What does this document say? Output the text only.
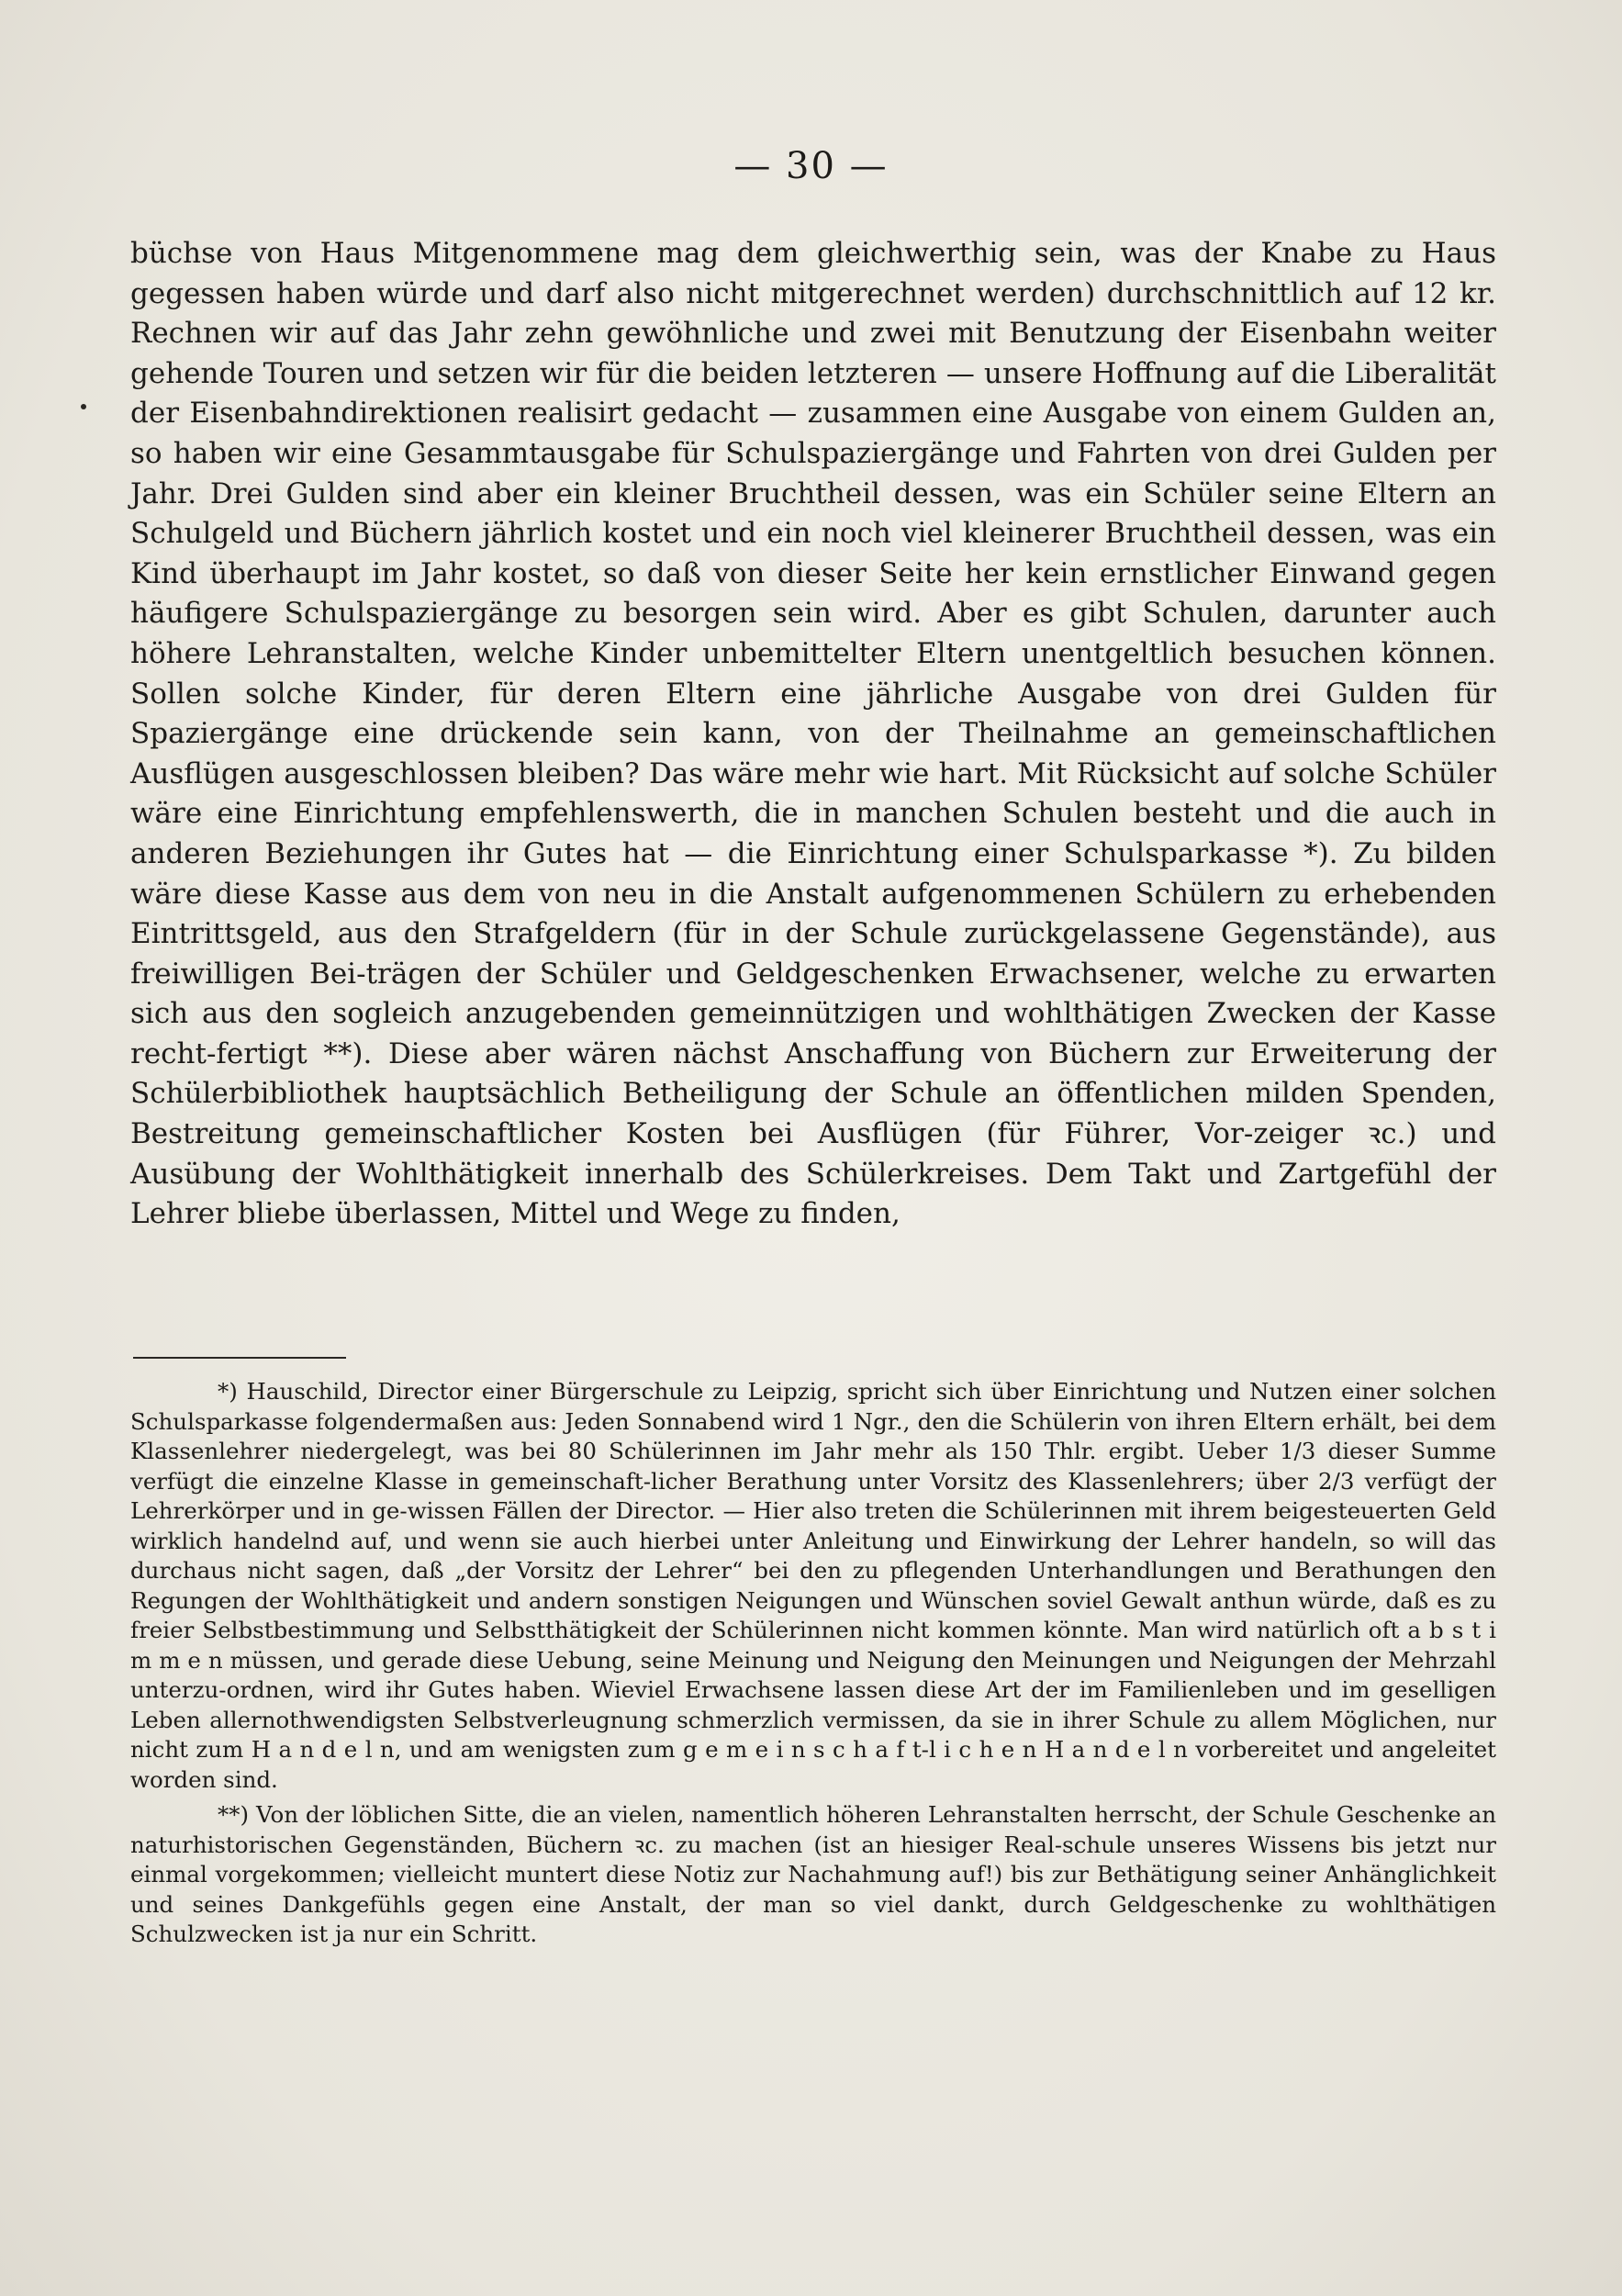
— 30 —

büchse von Haus Mitgenommene mag dem gleichwerthig sein, was der Knabe zu Haus gegessen haben würde und darf also nicht mitgerechnet werden) durchschnittlich auf 12 kr. Rechnen wir auf das Jahr zehn gewöhnliche und zwei mit Benutzung der Eisenbahn weiter gehende Touren und setzen wir für die beiden letzteren — unsere Hoffnung auf die Liberalität der Eisenbahndirektionen realisirt gedacht — zusammen eine Ausgabe von einem Gulden an, so haben wir eine Gesammtausgabe für Schulspaziergänge und Fahrten von drei Gulden per Jahr. Drei Gulden sind aber ein kleiner Bruchtheil dessen, was ein Schüler seine Eltern an Schulgeld und Büchern jährlich kostet und ein noch viel kleinerer Bruchtheil dessen, was ein Kind überhaupt im Jahr kostet, so daß von dieser Seite her kein ernstlicher Einwand gegen häufigere Schulspaziergänge zu besorgen sein wird. Aber es gibt Schulen, darunter auch höhere Lehranstalten, welche Kinder unbemittelter Eltern unentgeltlich besuchen können. Sollen solche Kinder, für deren Eltern eine jährliche Ausgabe von drei Gulden für Spaziergänge eine drückende sein kann, von der Theilnahme an gemeinschaftlichen Ausflügen ausgeschlossen bleiben? Das wäre mehr wie hart. Mit Rücksicht auf solche Schüler wäre eine Einrichtung empfehlenswerth, die in manchen Schulen besteht und die auch in anderen Beziehungen ihr Gutes hat — die Einrichtung einer Schulsparkasse *). Zu bilden wäre diese Kasse aus dem von neu in die Anstalt aufgenommenen Schülern zu erhebenden Eintrittsgeld, aus den Strafgeldern (für in der Schule zurückgelassene Gegenstände), aus freiwilligen Bei-trägen der Schüler und Geldgeschenken Erwachsener, welche zu erwarten sich aus den sogleich anzugebenden gemeinnützigen und wohlthätigen Zwecken der Kasse recht-fertigt **). Diese aber wären nächst Anschaffung von Büchern zur Erweiterung der Schülerbibliothek hauptsächlich Betheiligung der Schule an öffentlichen milden Spenden, Bestreitung gemeinschaftlicher Kosten bei Ausflügen (für Führer, Vor-zeiger ꝛc.) und Ausübung der Wohlthätigkeit innerhalb des Schülerkreises. Dem Takt und Zartgefühl der Lehrer bliebe überlassen, Mittel und Wege zu finden,

*) Hauschild, Director einer Bürgerschule zu Leipzig, spricht sich über Einrichtung und Nutzen einer solchen Schulsparkasse folgendermaßen aus: Jeden Sonnabend wird 1 Ngr., den die Schülerin von ihren Eltern erhält, bei dem Klassenlehrer niedergelegt, was bei 80 Schülerinnen im Jahr mehr als 150 Thlr. ergibt. Ueber 1/3 dieser Summe verfügt die einzelne Klasse in gemeinschaft-licher Berathung unter Vorsitz des Klassenlehrers; über 2/3 verfügt der Lehrerkörper und in ge-wissen Fällen der Director. — Hier also treten die Schülerinnen mit ihrem beigesteuerten Geld wirklich handelnd auf, und wenn sie auch hierbei unter Anleitung und Einwirkung der Lehrer handeln, so will das durchaus nicht sagen, daß „der Vorsitz der Lehrer“ bei den zu pflegenden Unterhandlungen und Berathungen den Regungen der Wohlthätigkeit und andern sonstigen Neigungen und Wünschen soviel Gewalt anthun würde, daß es zu freier Selbstbestimmung und Selbstthätigkeit der Schülerinnen nicht kommen könnte. Man wird natürlich oft a b s t i m m e n müssen, und gerade diese Uebung, seine Meinung und Neigung den Meinungen und Neigungen der Mehrzahl unterzu-ordnen, wird ihr Gutes haben. Wieviel Erwachsene lassen diese Art der im Familienleben und im geselligen Leben allernothwendigsten Selbstverleugnung schmerzlich vermissen, da sie in ihrer Schule zu allem Möglichen, nur nicht zum H a n d e l n, und am wenigsten zum g e m e i n s c h a f t-l i c h e n H a n d e l n vorbereitet und angeleitet worden sind.

**) Von der löblichen Sitte, die an vielen, namentlich höheren Lehranstalten herrscht, der Schule Geschenke an naturhistorischen Gegenständen, Büchern ꝛc. zu machen (ist an hiesiger Real-schule unseres Wissens bis jetzt nur einmal vorgekommen; vielleicht muntert diese Notiz zur Nachahmung auf!) bis zur Bethätigung seiner Anhänglichkeit und seines Dankgefühls gegen eine Anstalt, der man so viel dankt, durch Geldgeschenke zu wohlthätigen Schulzwecken ist ja nur ein Schritt.
